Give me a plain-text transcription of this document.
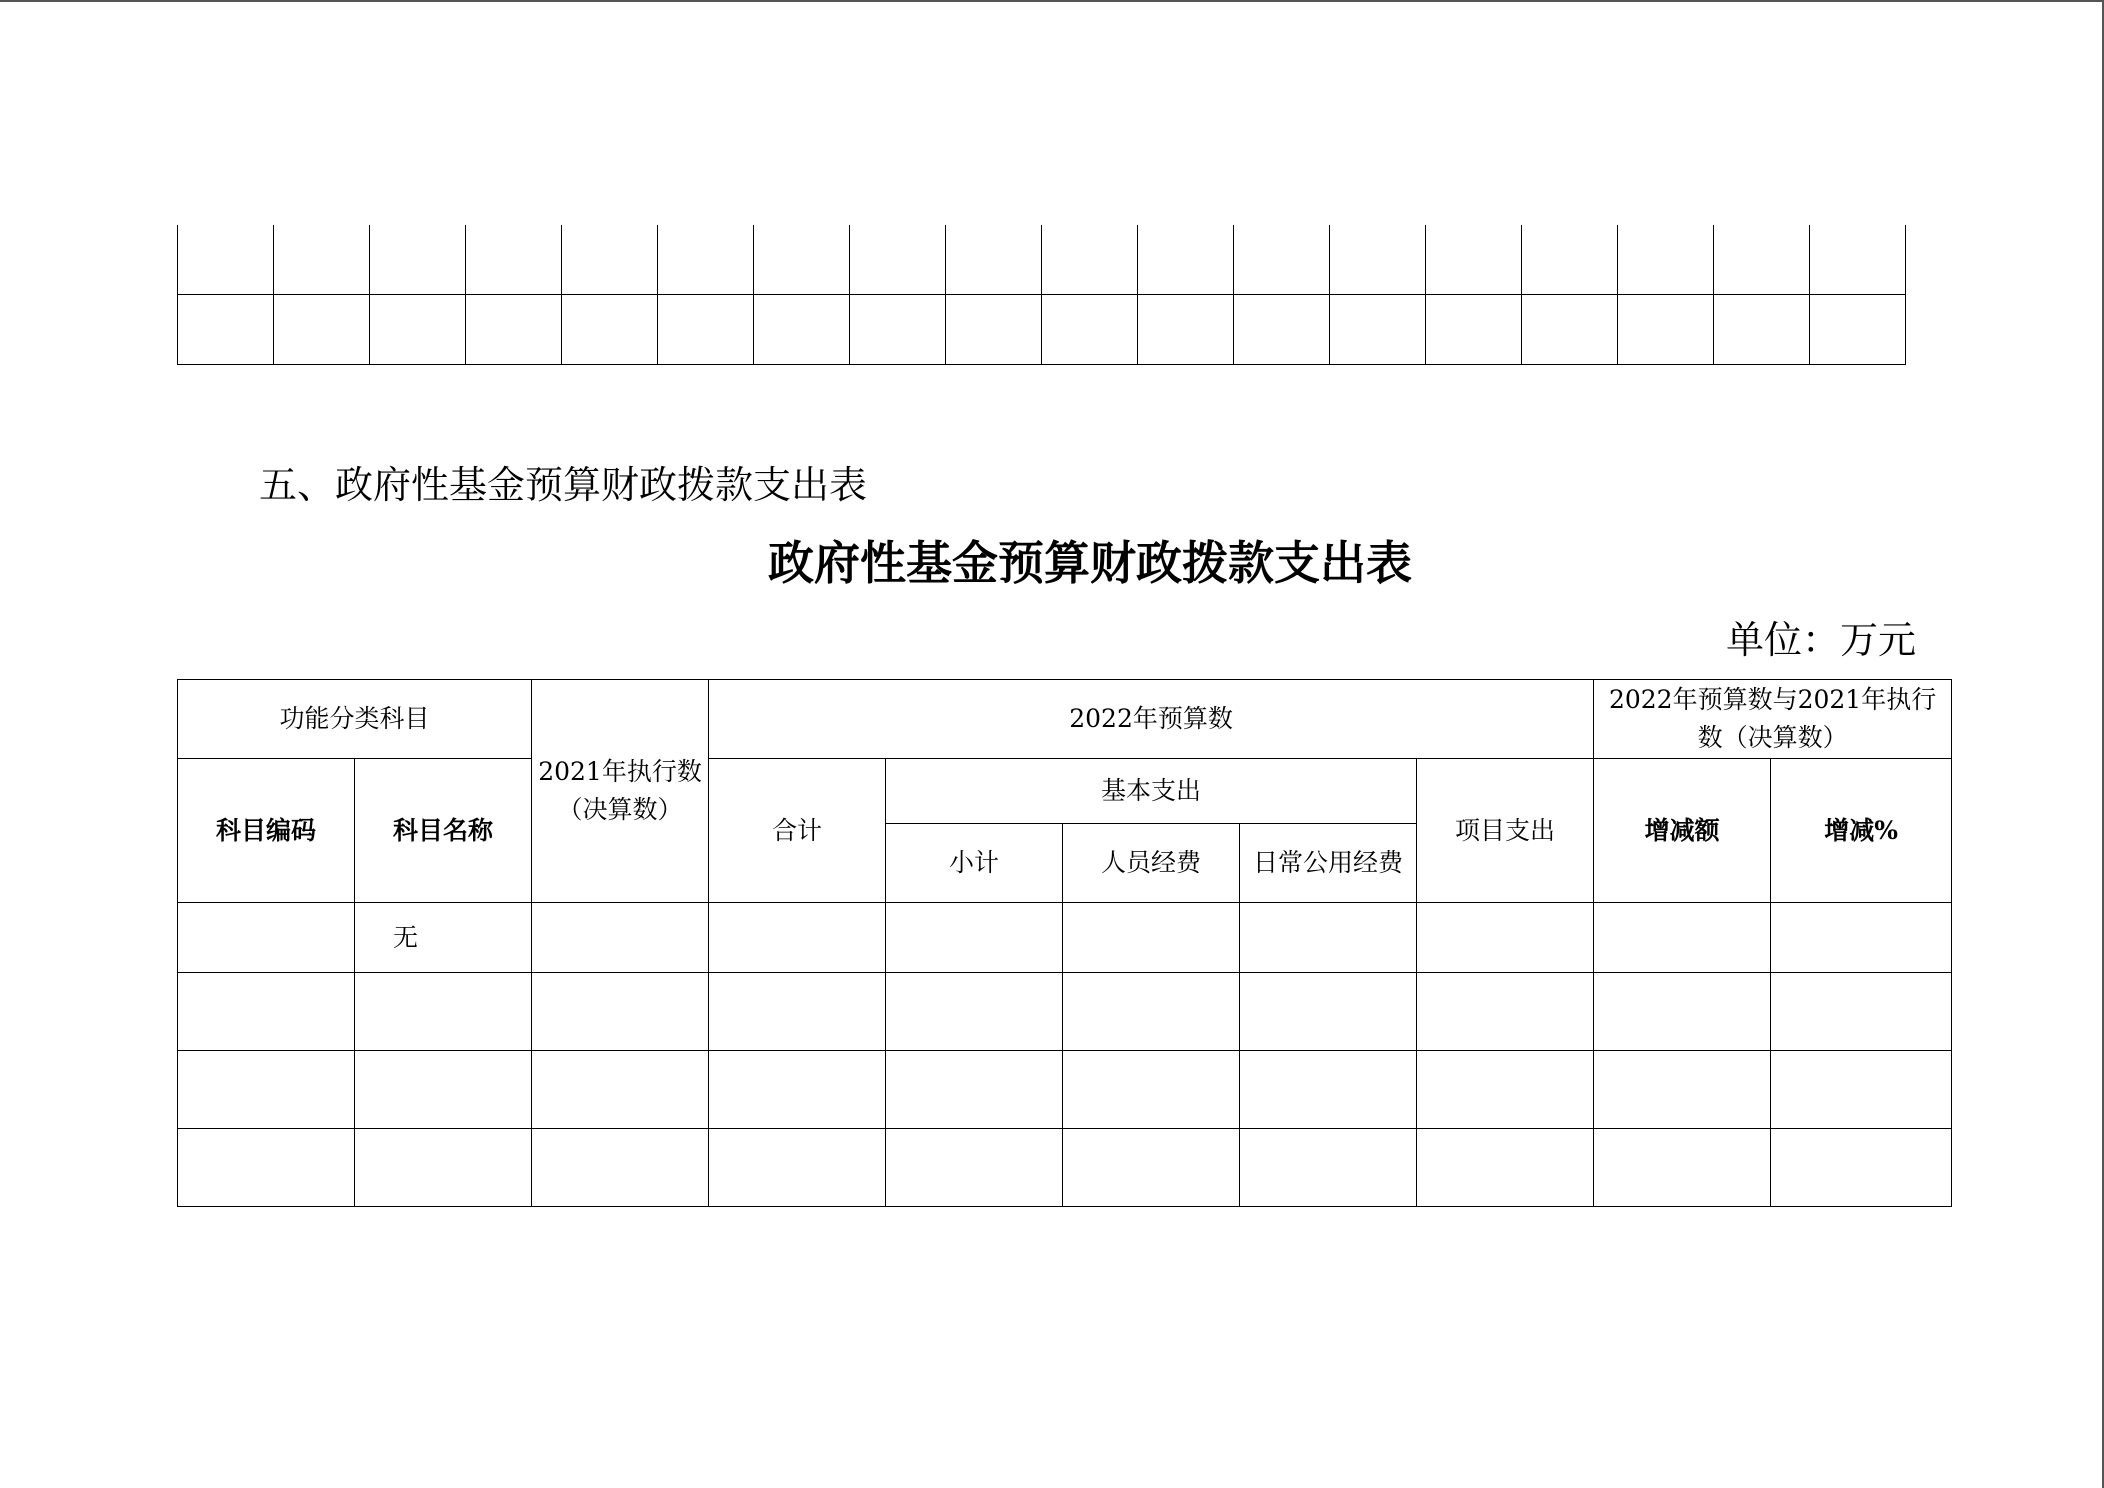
五、政府性基金预算财政拨款支出表
政府性基金预算财政拨款支出表
单位：万元
功能分类科目		2021年执行数（决算数）	2022年预算数					2022年预算数与2021年执行数（决算数）	
科目编码	科目名称		合计	基本支出			项目支出	增减额	增减%
				小计	人员经费	日常公用经费			
	无								
